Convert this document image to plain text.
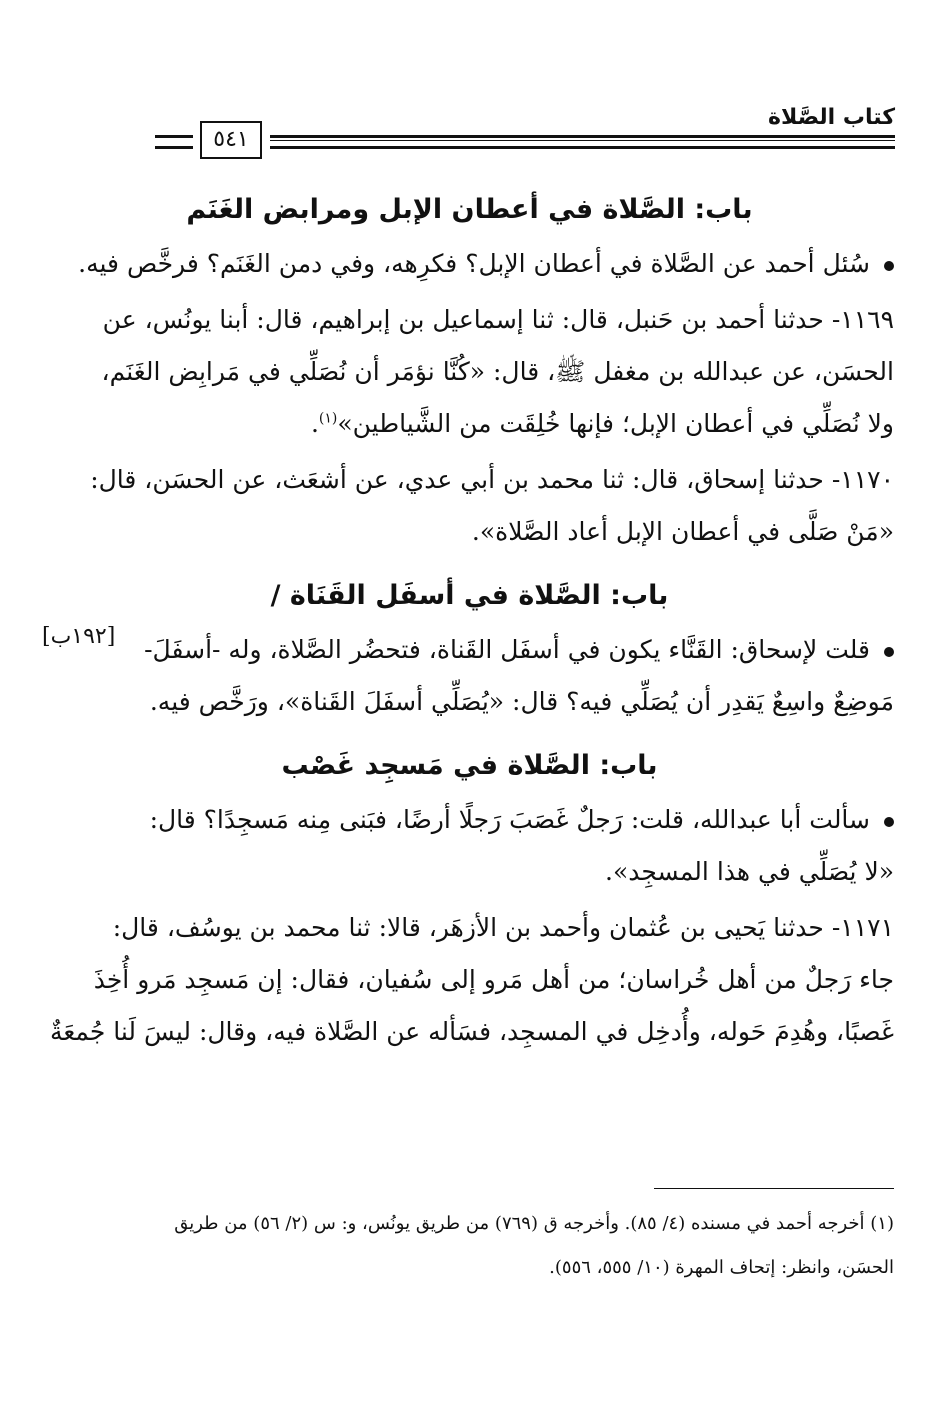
كتاب الصَّلاة
٥٤١
[١٩٢ب]
باب: الصَّلاة في أعطان الإبل ومرابض الغَنَم

سُئل أحمد عن الصَّلاة في أعطان الإبل؟ فكرِهه، وفي دمن الغَنَم؟ فرخَّص فيه.

١١٦٩- حدثنا أحمد بن حَنبل، قال: ثنا إسماعيل بن إبراهيم، قال: أبنا يونُس، عن
الحسَن، عن عبدالله بن مغفل ﷺ، قال: «كُنَّا نؤمَر أن نُصَلِّي في مَرابِض الغَنَم،
ولا نُصَلِّي في أعطان الإبل؛ فإنها خُلِقَت من الشَّياطين»$^{(١)}$.

١١٧٠- حدثنا إسحاق، قال: ثنا محمد بن أبي عدي، عن أشعَث، عن الحسَن، قال:
«مَنْ صَلَّى في أعطان الإبل أعاد الصَّلاة».

باب: الصَّلاة في أسفَل القَنَاة /

قلت لإسحاق: القَنَّاء يكون في أسفَل القَناة، فتحضُر الصَّلاة، وله -أسفَلَ-
مَوضِعٌ واسِعٌ يَقدِر أن يُصَلِّي فيه؟ قال: «يُصَلِّي أسفَلَ القَناة»، ورَخَّص فيه.

باب: الصَّلاة في مَسجِد غَصْب

سألت أبا عبدالله، قلت: رَجلٌ غَصَبَ رَجلًا أرضًا، فبَنى مِنه مَسجِدًا؟ قال:
«لا يُصَلِّي في هذا المسجِد».

١١٧١- حدثنا يَحيى بن عُثمان وأحمد بن الأزهَر، قالا: ثنا محمد بن يوسُف، قال:
جاء رَجلٌ من أهل خُراسان؛ من أهل مَرو إلى سُفيان، فقال: إن مَسجِد مَرو أُخِذَ
غَصبًا، وهُدِمَ حَوله، وأُدخِل في المسجِد، فسَأله عن الصَّلاة فيه، وقال: ليسَ لَنا جُمعَةٌ

(١) أخرجه أحمد في مسنده (٤/ ٨٥). وأخرجه ق (٧٦٩) من طريق يونُس، و: س (٢/ ٥٦) من طريق

الحسَن، وانظر: إتحاف المهرة (١٠/ ٥٥٥، ٥٥٦).
